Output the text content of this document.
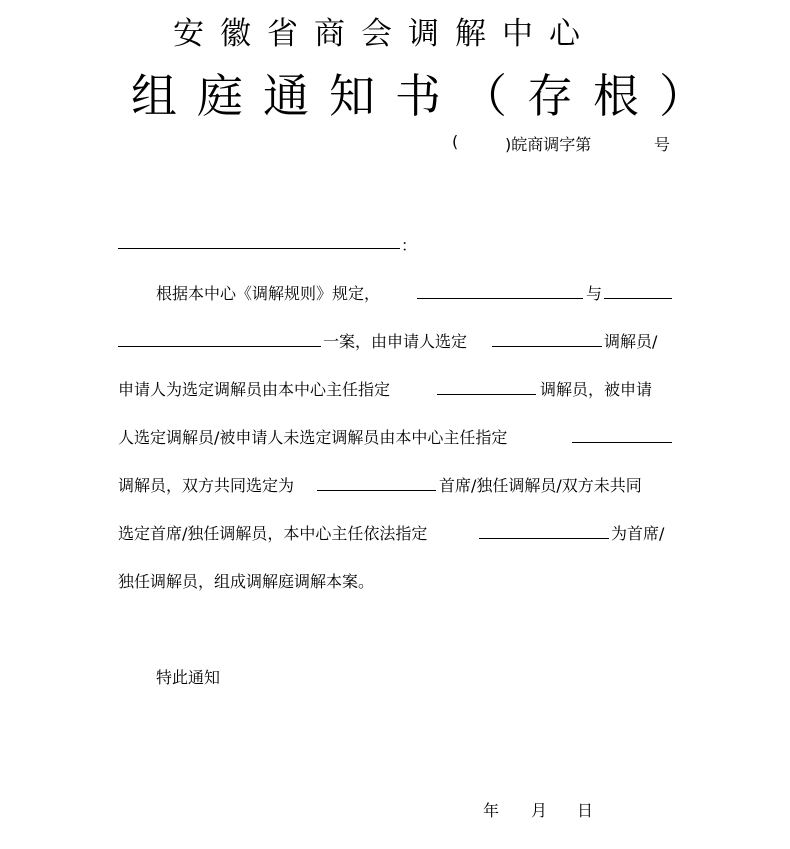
安徽省商会调解中心
组庭通知书（存根）
(	)皖商调字第	号
：
根据本中心《调解规则》规定，	与
一案，由申请人选定	调解员/
申请人为选定调解员由本中心主任指定	调解员，被申请
人选定调解员/被申请人未选定调解员由本中心主任指定
调解员，双方共同选定为	首席/独任调解员/双方未共同
选定首席/独任调解员，本中心主任依法指定	为首席/
独任调解员，组成调解庭调解本案。
特此通知
年 月 日
